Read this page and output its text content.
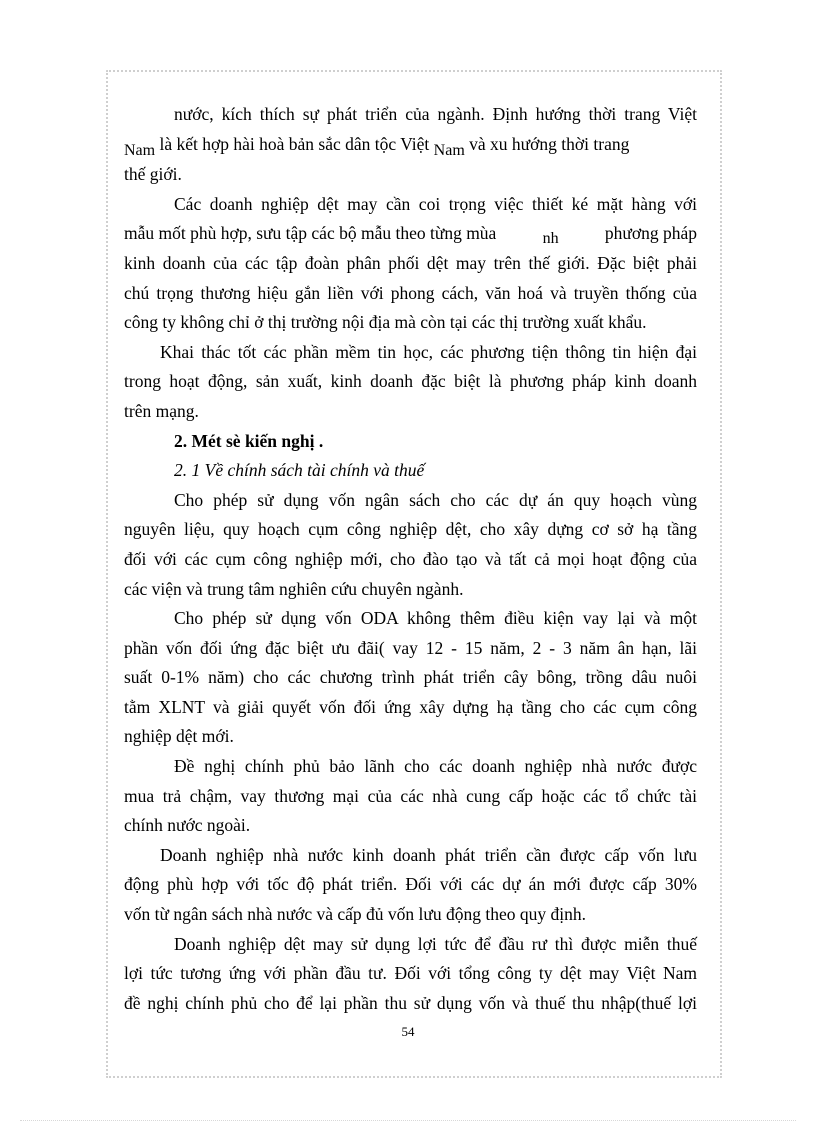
nước, kích thích sự phát triển của ngành. Định hướng thời trang Việt
Nam là kết hợp hài hoà bản sắc dân tộc Việt Nam và xu hướng thời trang
thế giới.
Các doanh nghiệp dệt may cần coi trọng việc thiết ké mặt hàng với
mẫu mốt phù hợp, sưu tập các bộ mẫu theo từng mùa	nh	phương pháp
kinh doanh của các tập đoàn phân phối dệt may trên thế giới. Đặc biệt phải
chú trọng thương hiệu gắn liền với phong cách, văn hoá và truyền thống của
công ty không chỉ ở thị trường nội địa mà còn tại các thị trường xuất khẩu.
Khai thác tốt các phần mềm tin học, các phương tiện thông tin hiện đại
trong hoạt động, sản xuất, kinh doanh đặc biệt là phương pháp kinh doanh
trên mạng.
2. Mét sè kiến nghị .
2. 1 Về chính sách tài chính và thuế
Cho phép sử dụng vốn ngân sách cho các dự án quy hoạch vùng
nguyên liệu, quy hoạch cụm công nghiệp dệt, cho xây dựng cơ sở hạ tầng
đối với các cụm công nghiệp mới, cho đào tạo và tất cả mọi hoạt động của
các viện và trung tâm nghiên cứu chuyên ngành.
Cho phép sử dụng vốn ODA không thêm điều kiện vay lại và một
phần vốn đối ứng đặc biệt ưu đãi( vay 12 - 15 năm, 2 - 3 năm ân hạn, lãi
suất 0-1% năm) cho các chương trình phát triển cây bông, trồng dâu nuôi
tằm XLNT và giải quyết vốn đối ứng xây dựng hạ tầng cho các cụm công
nghiệp dệt mới.
Đề nghị chính phủ bảo lãnh cho các doanh nghiệp nhà nước được
mua trả chậm, vay thương mại của các nhà cung cấp hoặc các tổ chức tài
chính nước ngoài.
Doanh nghiệp nhà nước kinh doanh phát triển cần được cấp vốn lưu
động phù hợp với tốc độ phát triển. Đối với các dự án mới được cấp 30%
vốn từ ngân sách nhà nước và cấp đủ vốn lưu động theo quy định.
Doanh nghiệp dệt may sử dụng lợi tức để đầu rư thì được miễn thuế
lợi tức tương ứng với phần đầu tư. Đối với tổng công ty dệt may Việt Nam
đề nghị chính phủ cho để lại phần thu sử dụng vốn và thuế thu nhập(thuế lợi
54
